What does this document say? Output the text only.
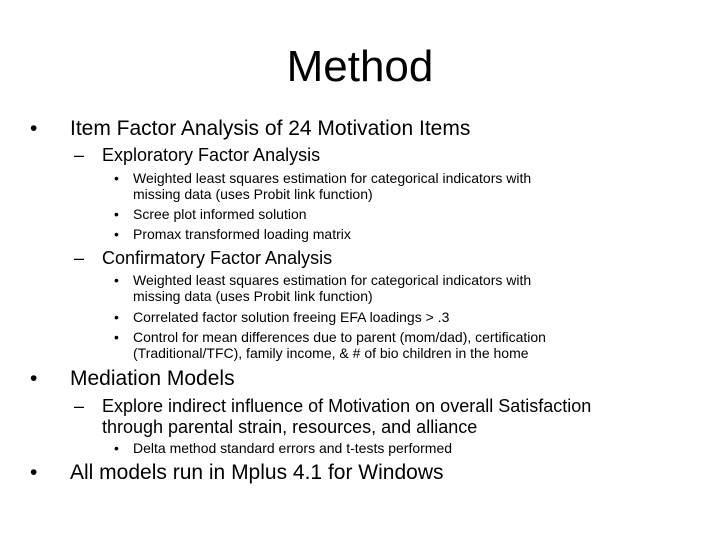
Method
• Item Factor Analysis of 24 Motivation Items
– Exploratory Factor Analysis
• Weighted least squares estimation for categorical indicators with
missing data (uses Probit link function)
• Scree plot informed solution
• Promax transformed loading matrix
– Confirmatory Factor Analysis
• Weighted least squares estimation for categorical indicators with
missing data (uses Probit link function)
• Correlated factor solution freeing EFA loadings > .3
• Control for mean differences due to parent (mom/dad), certification
(Traditional/TFC), family income, & # of bio children in the home
• Mediation Models
– Explore indirect influence of Motivation on overall Satisfaction
through parental strain, resources, and alliance
• Delta method standard errors and t-tests performed
• All models run in Mplus 4.1 for Windows
